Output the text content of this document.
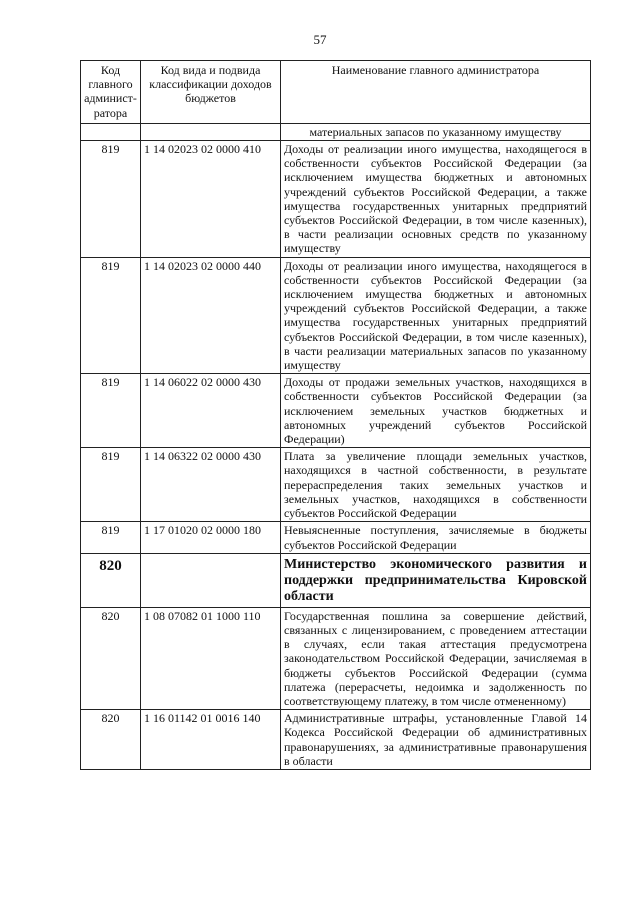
57
Код главного админист-ратора	Код вида и подвида классификации доходов бюджетов	Наименование главного администратора
		материальных запасов по указанному имуществу
819	1 14 02023 02 0000 410	Доходы от реализации иного имущества, находящегося в собственности субъектов Российской Федерации (за исключением имущества бюджетных и автономных учреждений субъектов Российской Федерации, а также имущества государственных унитарных предприятий субъектов Российской Федерации, в том числе казенных), в части реализации основных средств по указанному имуществу
819	1 14 02023 02 0000 440	Доходы от реализации иного имущества, находящегося в собственности субъектов Российской Федерации (за исключением имущества бюджетных и автономных учреждений субъектов Российской Федерации, а также имущества государственных унитарных предприятий субъектов Российской Федерации, в том числе казенных), в части реализации материальных запасов по указанному имуществу
819	1 14 06022 02 0000 430	Доходы от продажи земельных участков, находящихся в собственности субъектов Российской Федерации (за исключением земельных участков бюджетных и автономных учреждений субъектов Российской Федерации)
819	1 14 06322 02 0000 430	Плата за увеличение площади земельных участков, находящихся в частной собственности, в результате перераспределения таких земельных участков и земельных участков, находящихся в собственности субъектов Российской Федерации
819	1 17 01020 02 0000 180	Невыясненные поступления, зачисляемые в бюджеты субъектов Российской Федерации
820		Министерство экономического развития и поддержки предпринимательства Кировской области
820	1 08 07082 01 1000 110	Государственная пошлина за совершение действий, связанных с лицензированием, с проведением аттестации в случаях, если такая аттестация предусмотрена законодательством Российской Федерации, зачисляемая в бюджеты субъектов Российской Федерации (сумма платежа (перерасчеты, недоимка и задолженность по соответствующему платежу, в том числе отмененному)
820	1 16 01142 01 0016 140	Административные штрафы, установленные Главой 14 Кодекса Российской Федерации об административных правонарушениях, за административные правонарушения в области
